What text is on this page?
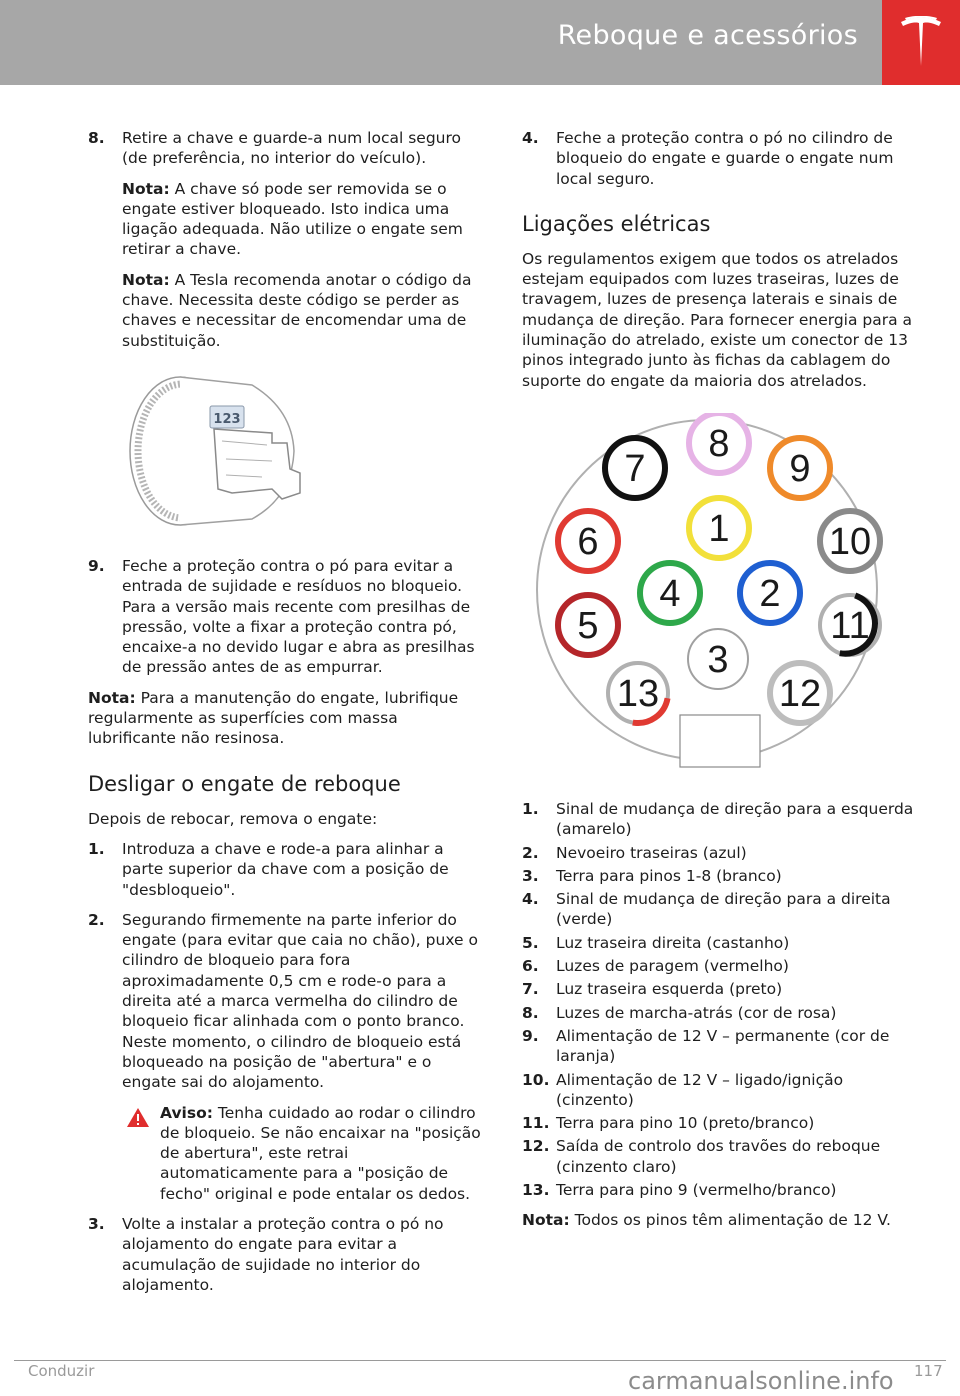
Reboque e acessórios
8. Retire a chave e guarde-a num local seguro (de preferência, no interior do veículo).

Nota: A chave só pode ser removida se o engate estiver bloqueado. Isto indica uma ligação adequada. Não utilize o engate sem retirar a chave.

Nota: A Tesla recomenda anotar o código da chave. Necessita deste código se perder as chaves e necessitar de encomendar uma de substituição.

123
9. Feche a proteção contra o pó para evitar a entrada de sujidade e resíduos no bloqueio. Para a versão mais recente com presilhas de pressão, volte a fixar a proteção contra pó, encaixe-a no devido lugar e abra as presilhas de pressão antes de as empurrar.

Nota: Para a manutenção do engate, lubrifique regularmente as superfícies com massa lubrificante não resinosa.

Desligar o engate de reboque

Depois de rebocar, remova o engate:

1. Introduza a chave e rode-a para alinhar a parte superior da chave com a posição de "desbloqueio".
2. Segurando firmemente na parte inferior do engate (para evitar que caia no chão), puxe o cilindro de bloqueio para fora aproximadamente 0,5 cm e rode-o para a direita até a marca vermelha do cilindro de bloqueio ficar alinhada com o ponto branco. Neste momento, o cilindro de bloqueio está bloqueado na posição de "abertura" e o engate sai do alojamento.
Aviso: Tenha cuidado ao rodar o cilindro de bloqueio. Se não encaixar na "posição de abertura", este retrai automaticamente para a "posição de fecho" original e pode entalar os dedos.
3. Volte a instalar a proteção contra o pó no alojamento do engate para evitar a acumulação de sujidade no interior do alojamento.
4. Feche a proteção contra o pó no cilindro de bloqueio do engate e guarde o engate num local seguro.
Ligações elétricas

Os regulamentos exigem que todos os atrelados estejam equipados com luzes traseiras, luzes de travagem, luzes de presença laterais e sinais de mudança de direção. Para fornecer energia para a iluminação do atrelado, existe um conector de 13 pinos integrado junto às fichas da cablagem do suporte do engate da maioria dos atrelados.

1
2
3
4
5
6
7
8
9
10
11
12
13
1. Sinal de mudança de direção para a esquerda (amarelo)
2. Nevoeiro traseiras (azul)
3. Terra para pinos 1-8 (branco)
4. Sinal de mudança de direção para a direita (verde)
5. Luz traseira direita (castanho)
6. Luzes de paragem (vermelho)
7. Luz traseira esquerda (preto)
8. Luzes de marcha-atrás (cor de rosa)
9. Alimentação de 12 V – permanente (cor de laranja)
10. Alimentação de 12 V – ligado/ignição (cinzento)
11. Terra para pino 10 (preto/branco)
12. Saída de controlo dos travões do reboque (cinzento claro)
13. Terra para pino 9 (vermelho/branco)

Nota: Todos os pinos têm alimentação de 12 V.

Conduzir	117
carmanualsonline.info
